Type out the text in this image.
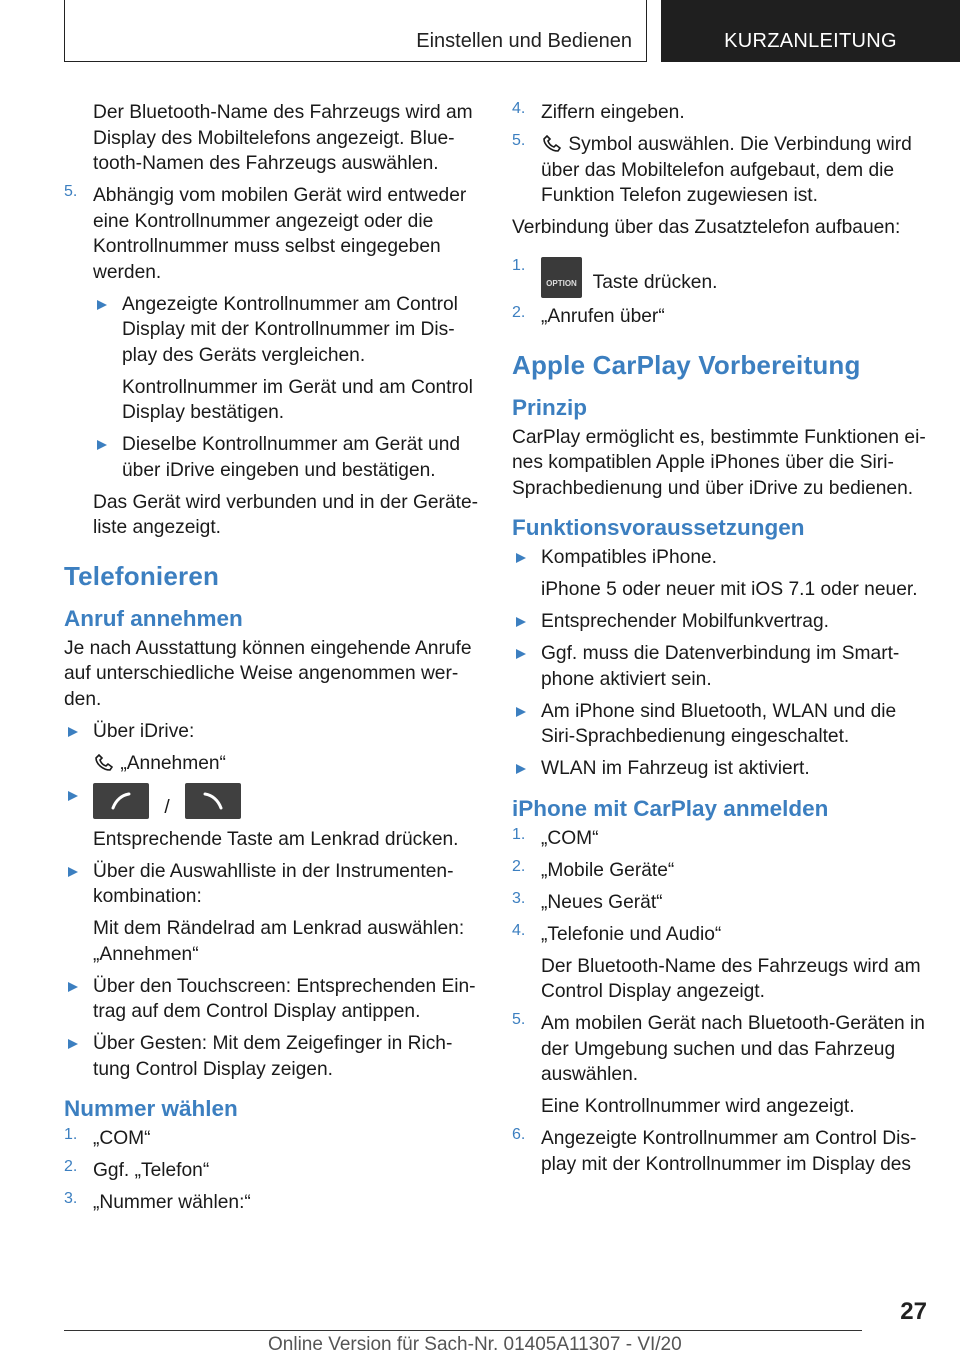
Einstellen und Bedienen	KURZANLEITUNG

Der Bluetooth-Name des Fahrzeugs wird am Display des Mobiltelefons angezeigt. Blue-tooth-Namen des Fahrzeugs auswählen.

5. Abhängig vom mobilen Gerät wird entweder eine Kontrollnummer angezeigt oder die Kontrollnummer muss selbst eingegeben werden.

Angezeigte Kontrollnummer am Control Display mit der Kontrollnummer im Dis-play des Geräts vergleichen.

Kontrollnummer im Gerät und am Control Display bestätigen.

Dieselbe Kontrollnummer am Gerät und über iDrive eingeben und bestätigen.

Das Gerät wird verbunden und in der Geräte-liste angezeigt.

Telefonieren
Anruf annehmen

Je nach Ausstattung können eingehende Anrufe auf unterschiedliche Weise angenommen wer-den.

Über iDrive:

„Annehmen“

/

Entsprechende Taste am Lenkrad drücken.

Über die Auswahlliste in der Instrumenten-kombination:

Mit dem Rändelrad am Lenkrad auswählen: „Annehmen“

Über den Touchscreen: Entsprechenden Ein-trag auf dem Control Display antippen.

Über Gesten: Mit dem Zeigefinger in Rich-tung Control Display zeigen.

Nummer wählen
1. „COM“

2. Ggf. „Telefon“

3. „Nummer wählen:“

4. Ziffern eingeben.

5.	Symbol auswählen. Die Verbindung wird über das Mobiltelefon aufgebaut, dem die Funktion Telefon zugewiesen ist.

Verbindung über das Zusatztelefon aufbauen:

1.

OPTION Taste drücken.

2. „Anrufen über“

Apple CarPlay Vorbereitung
Prinzip

CarPlay ermöglicht es, bestimmte Funktionen ei-nes kompatiblen Apple iPhones über die Siri-Sprachbedienung und über iDrive zu bedienen.

Funktionsvoraussetzungen

Kompatibles iPhone.

iPhone 5 oder neuer mit iOS 7.1 oder neuer.

Entsprechender Mobilfunkvertrag.

Ggf. muss die Datenverbindung im Smart-phone aktiviert sein.

Am iPhone sind Bluetooth, WLAN und die Siri-Sprachbedienung eingeschaltet.

WLAN im Fahrzeug ist aktiviert.

iPhone mit CarPlay anmelden
1. „COM“

2. „Mobile Geräte“

3. „Neues Gerät“

4. „Telefonie und Audio“

Der Bluetooth-Name des Fahrzeugs wird am Control Display angezeigt.

5. Am mobilen Gerät nach Bluetooth-Geräten in der Umgebung suchen und das Fahrzeug auswählen.

Eine Kontrollnummer wird angezeigt.

6. Angezeigte Kontrollnummer am Control Dis-play mit der Kontrollnummer im Display des

27
Online Version für Sach-Nr. 01405A11307 - VI/20
